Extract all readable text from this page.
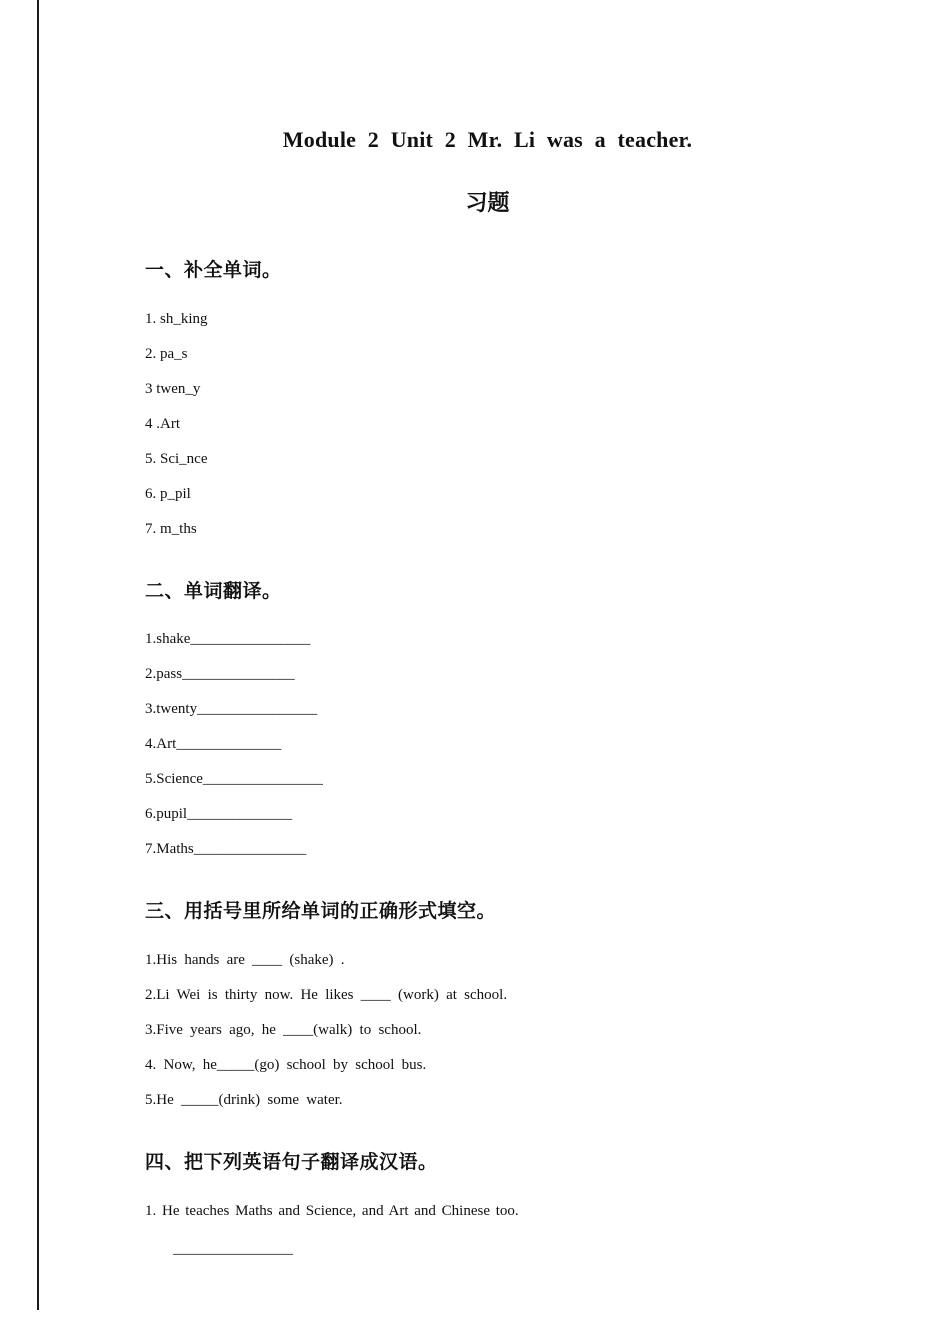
Module 2 Unit 2 Mr. Li was a teacher.
习题
一、补全单词。
1. sh_king
2. pa_s
3 twen_y
4 .Art
5. Sci_nce
6. p_pil
7. m_ths
二、单词翻译。
1.shake________________
2.pass_______________
3.twenty________________
4.Art______________
5.Science________________
6.pupil______________
7.Maths_______________
三、用括号里所给单词的正确形式填空。
1.His hands are ____ (shake) .
2.Li Wei is thirty now. He likes ____ (work) at school.
3.Five years ago, he ____(walk) to school.
4. Now, he_____(go) school by school bus.
5.He _____(drink) some water.
四、把下列英语句子翻译成汉语。
1. He teaches Maths and Science, and Art and Chinese too.
________________
